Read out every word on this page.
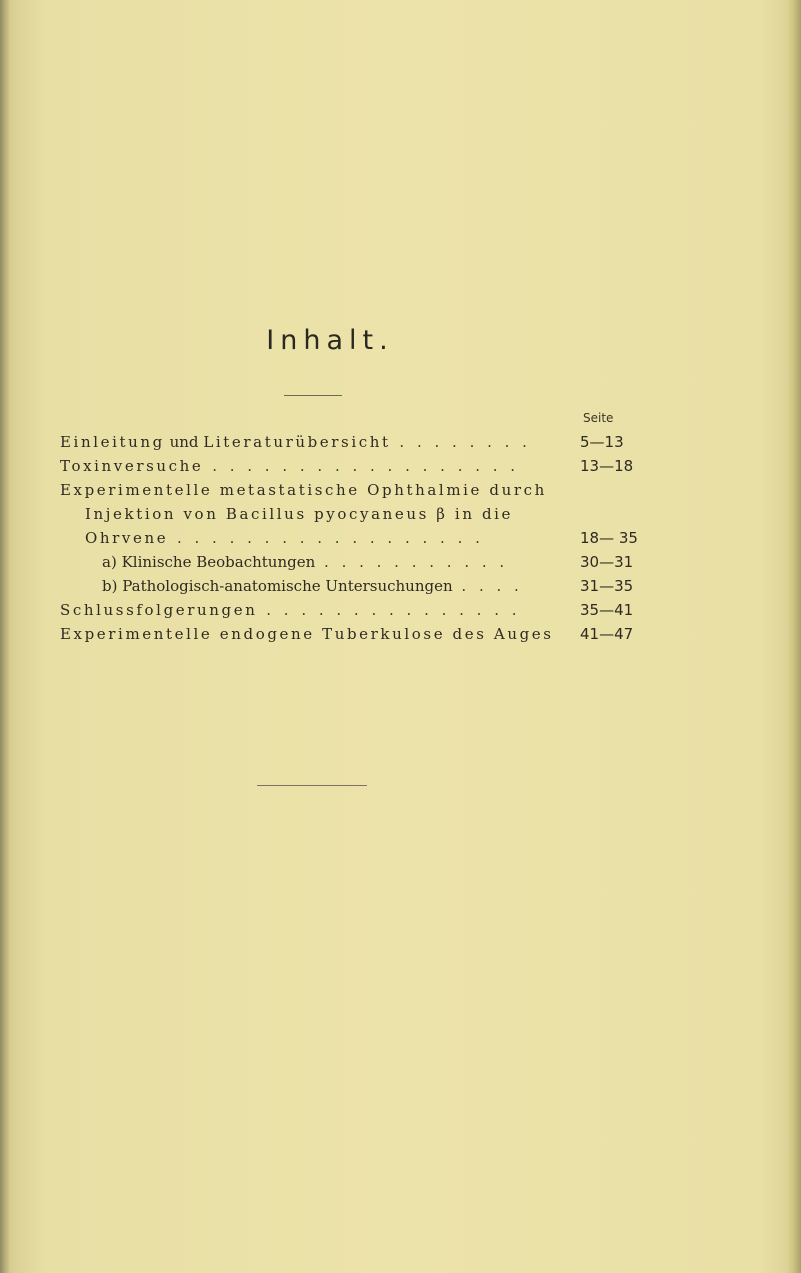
Inhalt.
Seite
Einleitung und Literaturübersicht . . . . . . . .	5—13
Toxinversuche . . . . . . . . . . . . . . . . . .	13—18
Experimentelle metastatische Ophthalmie durch
Injektion von Bacillus pyocyaneus β in die
Ohrvene . . . . . . . . . . . . . . . . . .	18— 35
a) Klinische Beobachtungen . . . . . . . . . . .	30—31
b) Pathologisch-anatomische Untersuchungen . . . .	31—35
Schlussfolgerungen . . . . . . . . . . . . . . .	35—41
Experimentelle endogene Tuberkulose des Auges 41—47
